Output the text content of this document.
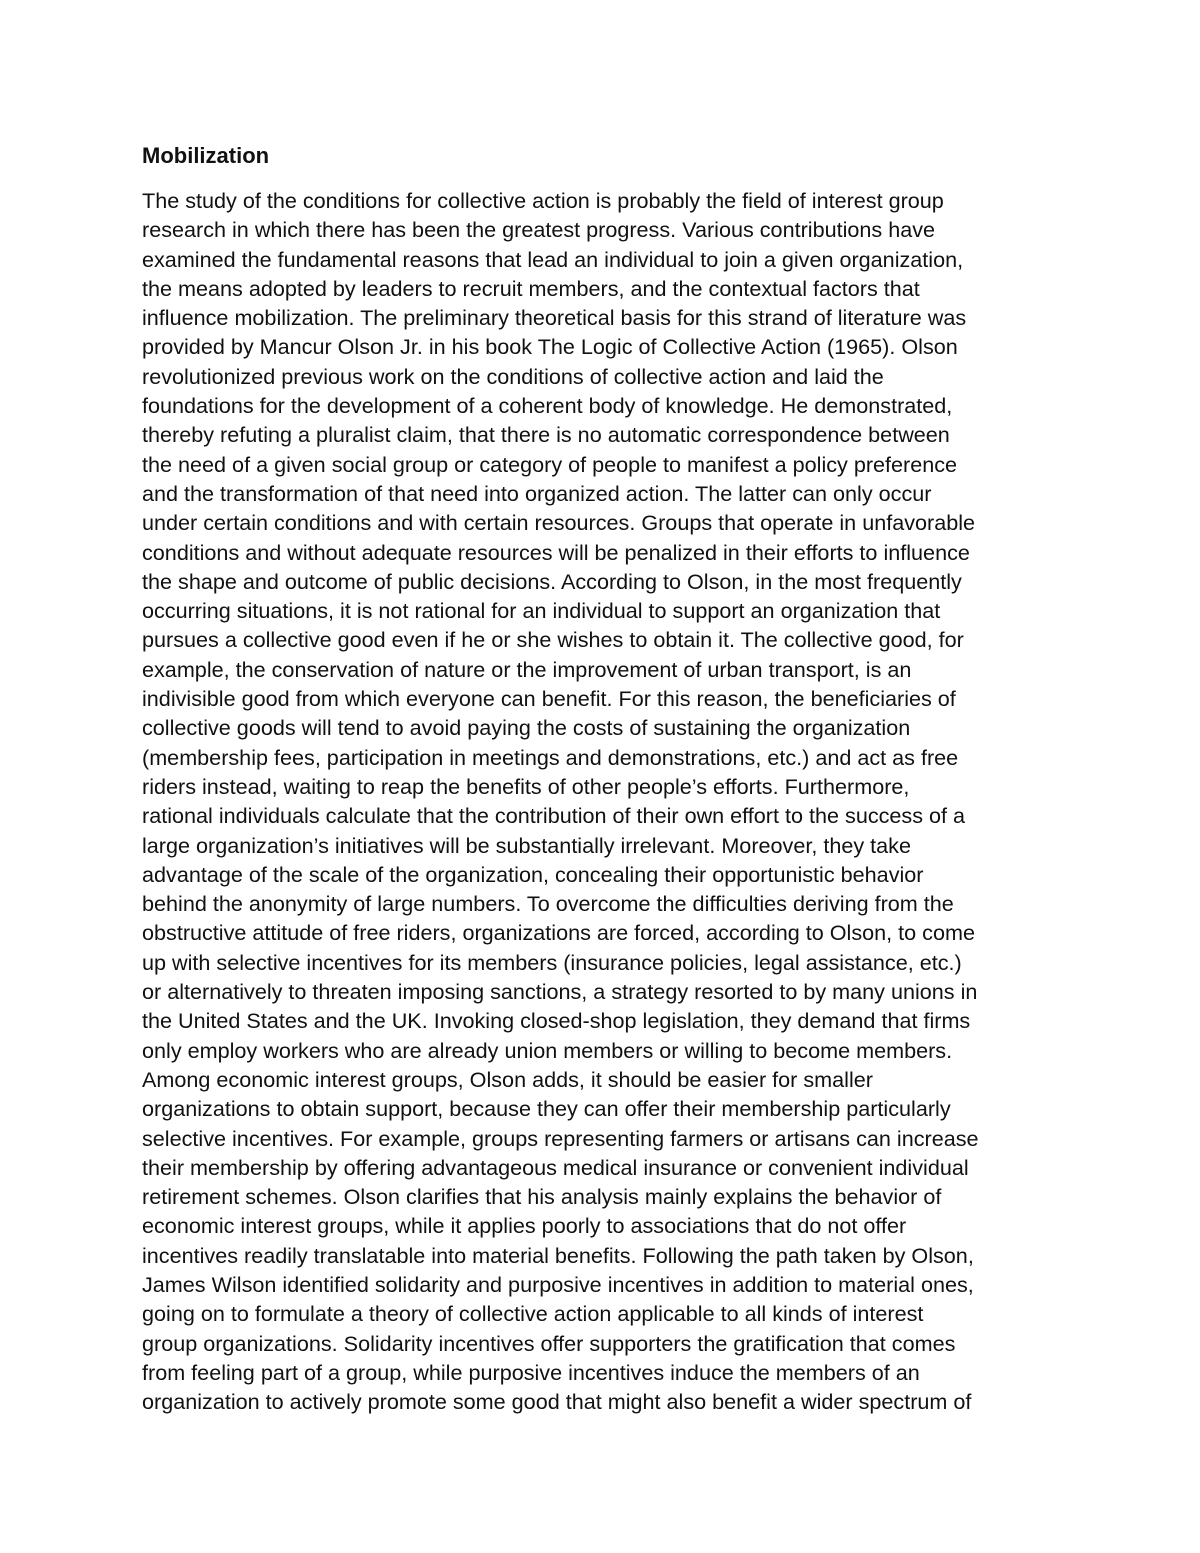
Mobilization

The study of the conditions for collective action is probably the field of interest group
research in which there has been the greatest progress. Various contributions have
examined the fundamental reasons that lead an individual to join a given organization,
the means adopted by leaders to recruit members, and the contextual factors that
influence mobilization. The preliminary theoretical basis for this strand of literature was
provided by Mancur Olson Jr. in his book The Logic of Collective Action (1965). Olson
revolutionized previous work on the conditions of collective action and laid the
foundations for the development of a coherent body of knowledge. He demonstrated,
thereby refuting a pluralist claim, that there is no automatic correspondence between
the need of a given social group or category of people to manifest a policy preference
and the transformation of that need into organized action. The latter can only occur
under certain conditions and with certain resources. Groups that operate in unfavorable
conditions and without adequate resources will be penalized in their efforts to influence
the shape and outcome of public decisions. According to Olson, in the most frequently
occurring situations, it is not rational for an individual to support an organization that
pursues a collective good even if he or she wishes to obtain it. The collective good, for
example, the conservation of nature or the improvement of urban transport, is an
indivisible good from which everyone can benefit. For this reason, the beneficiaries of
collective goods will tend to avoid paying the costs of sustaining the organization
(membership fees, participation in meetings and demonstrations, etc.) and act as free
riders instead, waiting to reap the benefits of other people’s efforts. Furthermore,
rational individuals calculate that the contribution of their own effort to the success of a
large organization’s initiatives will be substantially irrelevant. Moreover, they take
advantage of the scale of the organization, concealing their opportunistic behavior
behind the anonymity of large numbers. To overcome the difficulties deriving from the
obstructive attitude of free riders, organizations are forced, according to Olson, to come
up with selective incentives for its members (insurance policies, legal assistance, etc.)
or alternatively to threaten imposing sanctions, a strategy resorted to by many unions in
the United States and the UK. Invoking closed-shop legislation, they demand that firms
only employ workers who are already union members or willing to become members.
Among economic interest groups, Olson adds, it should be easier for smaller
organizations to obtain support, because they can offer their membership particularly
selective incentives. For example, groups representing farmers or artisans can increase
their membership by offering advantageous medical insurance or convenient individual
retirement schemes. Olson clarifies that his analysis mainly explains the behavior of
economic interest groups, while it applies poorly to associations that do not offer
incentives readily translatable into material benefits. Following the path taken by Olson,
James Wilson identified solidarity and purposive incentives in addition to material ones,
going on to formulate a theory of collective action applicable to all kinds of interest
group organizations. Solidarity incentives offer supporters the gratification that comes
from feeling part of a group, while purposive incentives induce the members of an
organization to actively promote some good that might also benefit a wider spectrum of
